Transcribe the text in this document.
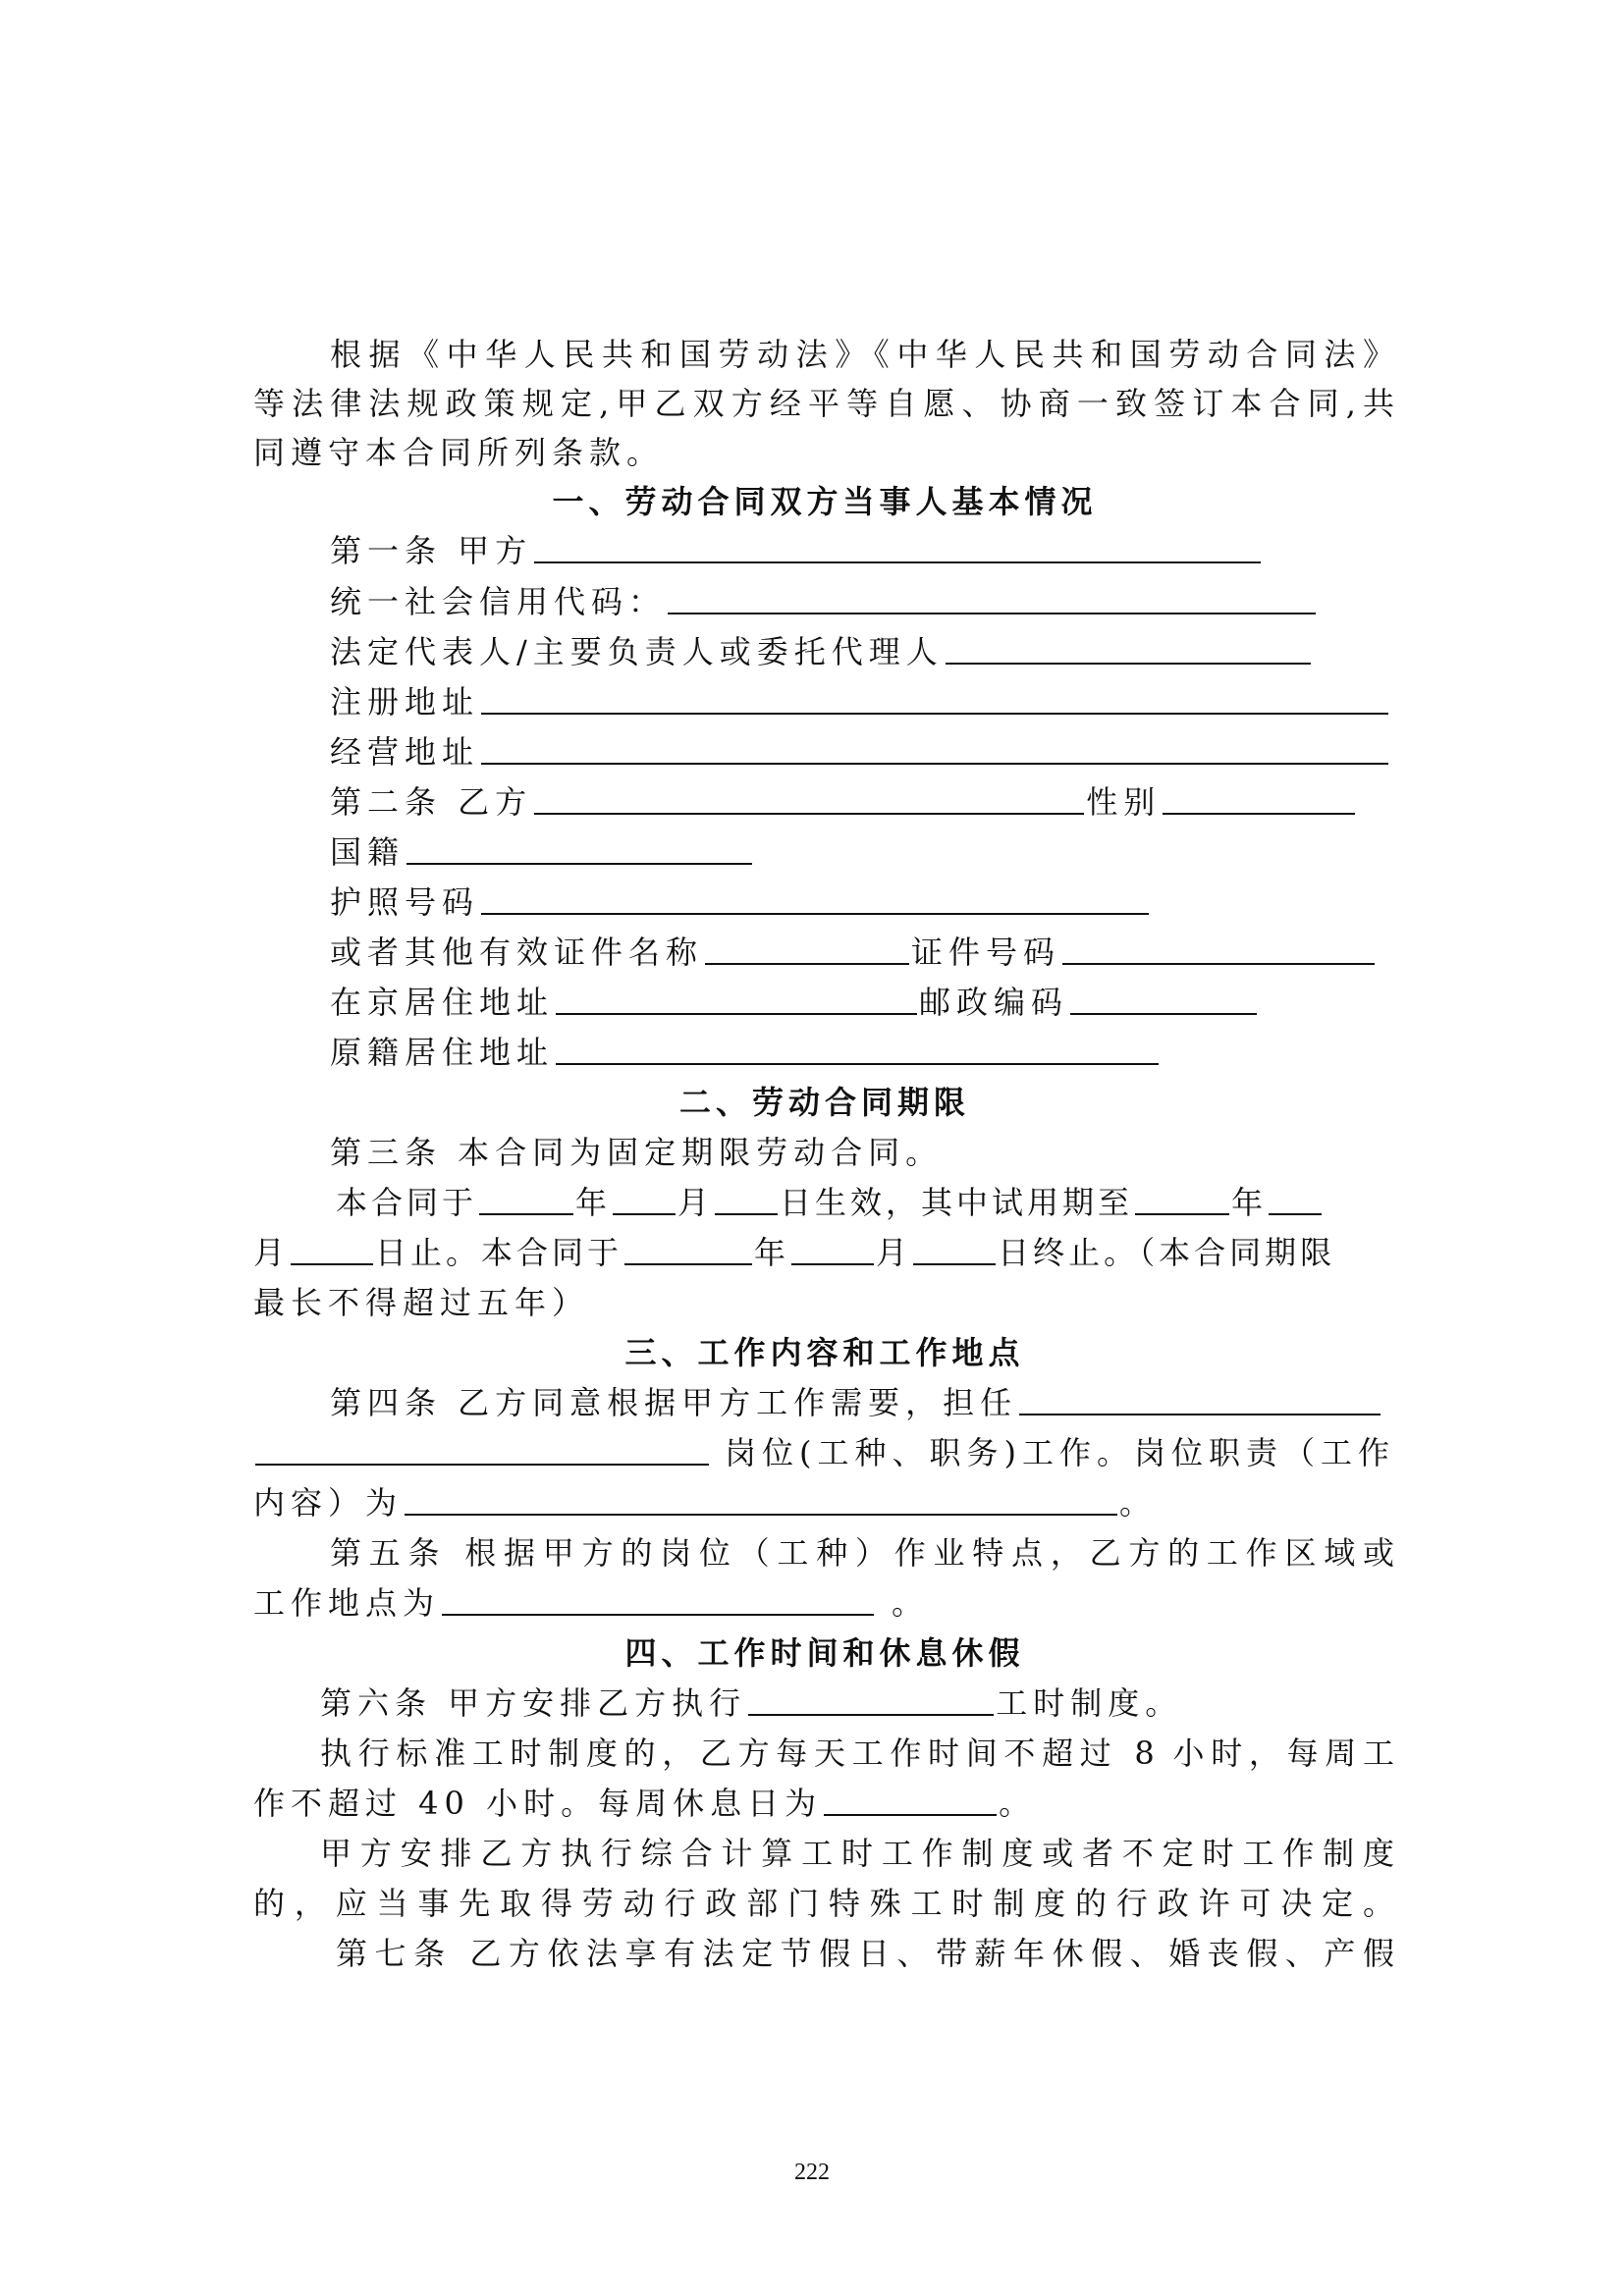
根据《中华人民共和国劳动法》《中华人民共和国劳动合同法》
等法律法规政策规定,甲乙双方经平等自愿、协商一致签订本合同,共
同遵守本合同所列条款。
一、劳动合同双方当事人基本情况
第一条 甲方
统一社会信用代码：
法定代表人/主要负责人或委托代理人
注册地址
经营地址
第二条 乙方	性别
国籍
护照号码
或者其他有效证件名称	证件号码
在京居住地址	邮政编码
原籍居住地址
二、劳动合同期限
第三条 本合同为固定期限劳动合同。
本合同于	年 月 日生效，其中试用期至	年
月	日止。本合同于	年	月	日终止。（本合同期限
最长不得超过五年）
三、工作内容和工作地点
第四条 乙方同意根据甲方工作需要，担任
岗位(工种、职务)工作。岗位职责（工作
内容）为	。
第五条 根据甲方的岗位（工种）作业特点，乙方的工作区域或
工作地点为	。
四、工作时间和休息休假
第六条 甲方安排乙方执行	工时制度。
执行标准工时制度的，乙方每天工作时间不超过 8 小时，每周工
作不超过 40 小时。每周休息日为	。
甲方安排乙方执行综合计算工时工作制度或者不定时工作制度
的，应当事先取得劳动行政部门特殊工时制度的行政许可决定。
第七条 乙方依法享有法定节假日、带薪年休假、婚丧假、产假
222
